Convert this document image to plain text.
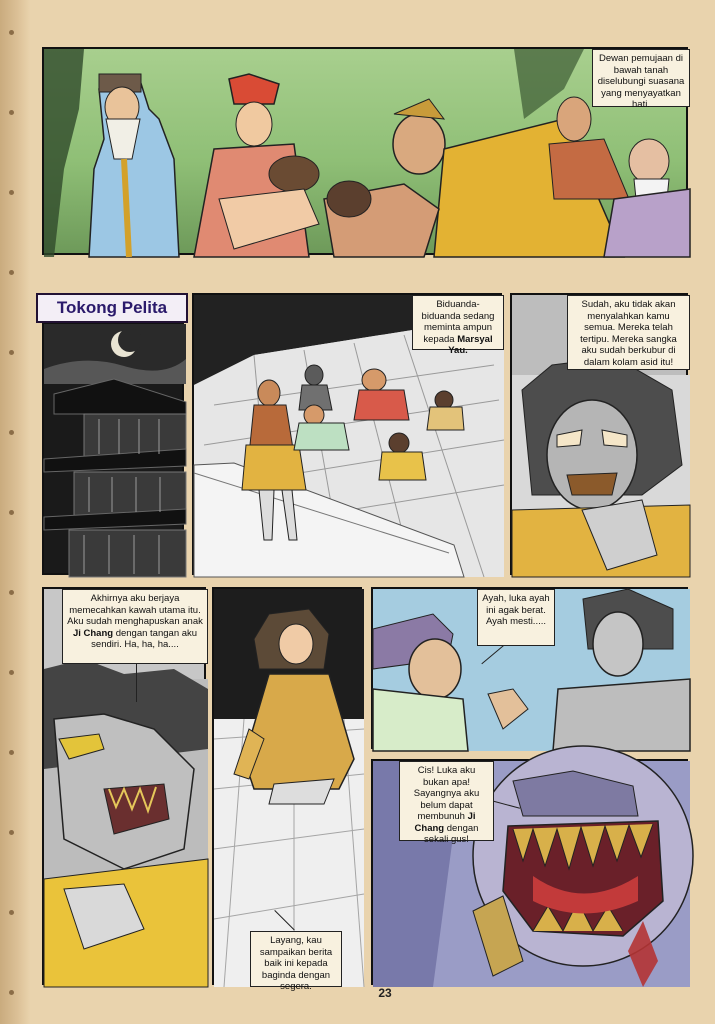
Dewan pemujaan di bawah tanah diselubungi suasana yang menyayatkan hati.
Tokong Pelita	Biduanda-biduanda sedang meminta ampun kepada Marsyal Yau.
Sudah, aku tidak akan menyalahkan kamu semua. Mereka telah tertipu. Mereka sangka aku sudah berkubur di dalam kolam asid itu!
Akhirnya aku berjaya memecahkan kawah utama itu. Aku sudah menghapuskan anak Ji Chang dengan tangan aku sendiri. Ha, ha, ha....
Layang, kau sampaikan berita baik ini kepada baginda dengan segera.
Ayah, luka ayah ini agak berat. Ayah mesti.....
Cis! Luka aku bukan apa! Sayangnya aku belum dapat membunuh Ji Chang dengan sekali gus!
23
